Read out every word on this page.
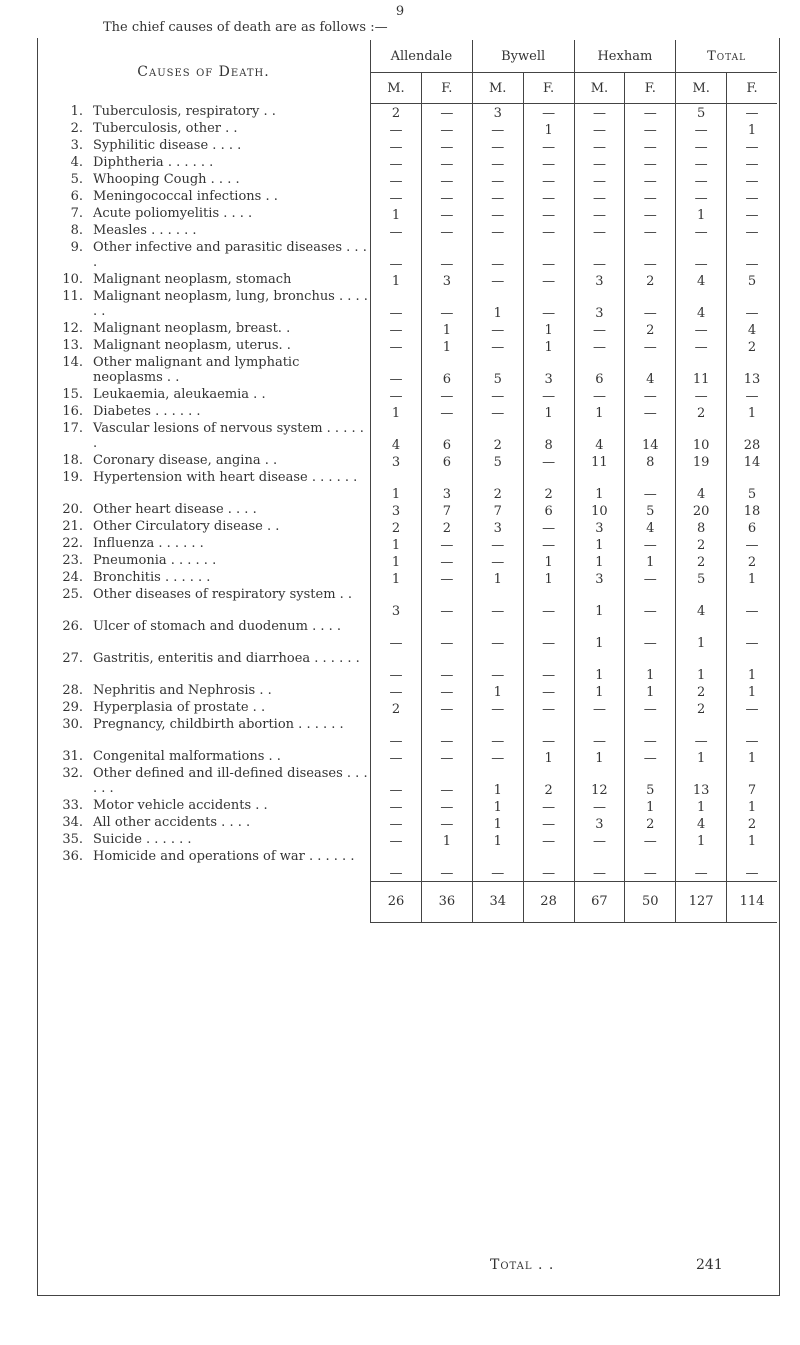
9
The chief causes of death are as follows :—
Causes of Death.	Allendale		Bywell		Hexham		Total	
	M.	F.	M.	F.	M.	F.	M.	F.

1. Tuberculosis, respiratory . .	2	—	3	—	—	—	5	—

2. Tuberculosis, other . .	—	—	—	1	—	—	—	1

3. Syphilitic disease . . . .	—	—	—	—	—	—	—	—

4. Diphtheria . . . . . .	—	—	—	—	—	—	—	—

5. Whooping Cough . . . .	—	—	—	—	—	—	—	—

6. Meningococcal infections . .	—	—	—	—	—	—	—	—

7. Acute poliomyelitis . . . .	1	—	—	—	—	—	1	—

8. Measles . . . . . .	—	—	—	—	—	—	—	—

9. Other infective and parasitic diseases . . . .	—	—	—	—	—	—	—	—

10. Malignant neoplasm, stomach	1	3	—	—	3	2	4	5

11. Malignant neoplasm, lung, bronchus . . . . . .	—	—	1	—	3	—	4	—

12. Malignant neoplasm, breast. .	—	1	—	1	—	2	—	4

13. Malignant neoplasm, uterus. .	—	1	—	1	—	—	—	2

14. Other malignant and lymphatic neoplasms . .	—	6	5	3	6	4	11	13

15. Leukaemia, aleukaemia . .	—	—	—	—	—	—	—	—

16. Diabetes . . . . . .	1	—	—	1	1	—	2	1

17. Vascular lesions of nervous system . . . . . .	4	6	2	8	4	14	10	28

18. Coronary disease, angina . .	3	6	5	—	11	8	19	14

19. Hypertension with heart disease . . . . . .	1	3	2	2	1	—	4	5

20. Other heart disease . . . .	3	7	7	6	10	5	20	18

21. Other Circulatory disease . .	2	2	3	—	3	4	8	6

22. Influenza . . . . . .	1	—	—	—	1	—	2	—

23. Pneumonia . . . . . .	1	—	—	1	1	1	2	2

24. Bronchitis . . . . . .	1	—	1	1	3	—	5	1

25. Other diseases of respiratory system . .	3	—	—	—	1	—	4	—

26. Ulcer of stomach and duodenum . . . .	—	—	—	—	1	—	1	—

27. Gastritis, enteritis and diarrhoea . . . . . .	—	—	—	—	1	1	1	1

28. Nephritis and Nephrosis . .	—	—	1	—	1	1	2	1

29. Hyperplasia of prostate . .	2	—	—	—	—	—	2	—

30. Pregnancy, childbirth abortion . . . . . .	—	—	—	—	—	—	—	—

31. Congenital malformations . .	—	—	—	1	1	—	1	1

32. Other defined and ill-defined diseases . . . . . .	—	—	1	2	12	5	13	7

33. Motor vehicle accidents . .	—	—	1	—	—	1	1	1

34. All other accidents . . . .	—	—	1	—	3	2	4	2

35. Suicide . . . . . .	—	1	1	—	—	—	1	1

36. Homicide and operations of war . . . . . .	—	—	—	—	—	—	—	—
	26	36	34	28	67	50	127	114
Total . .	241
